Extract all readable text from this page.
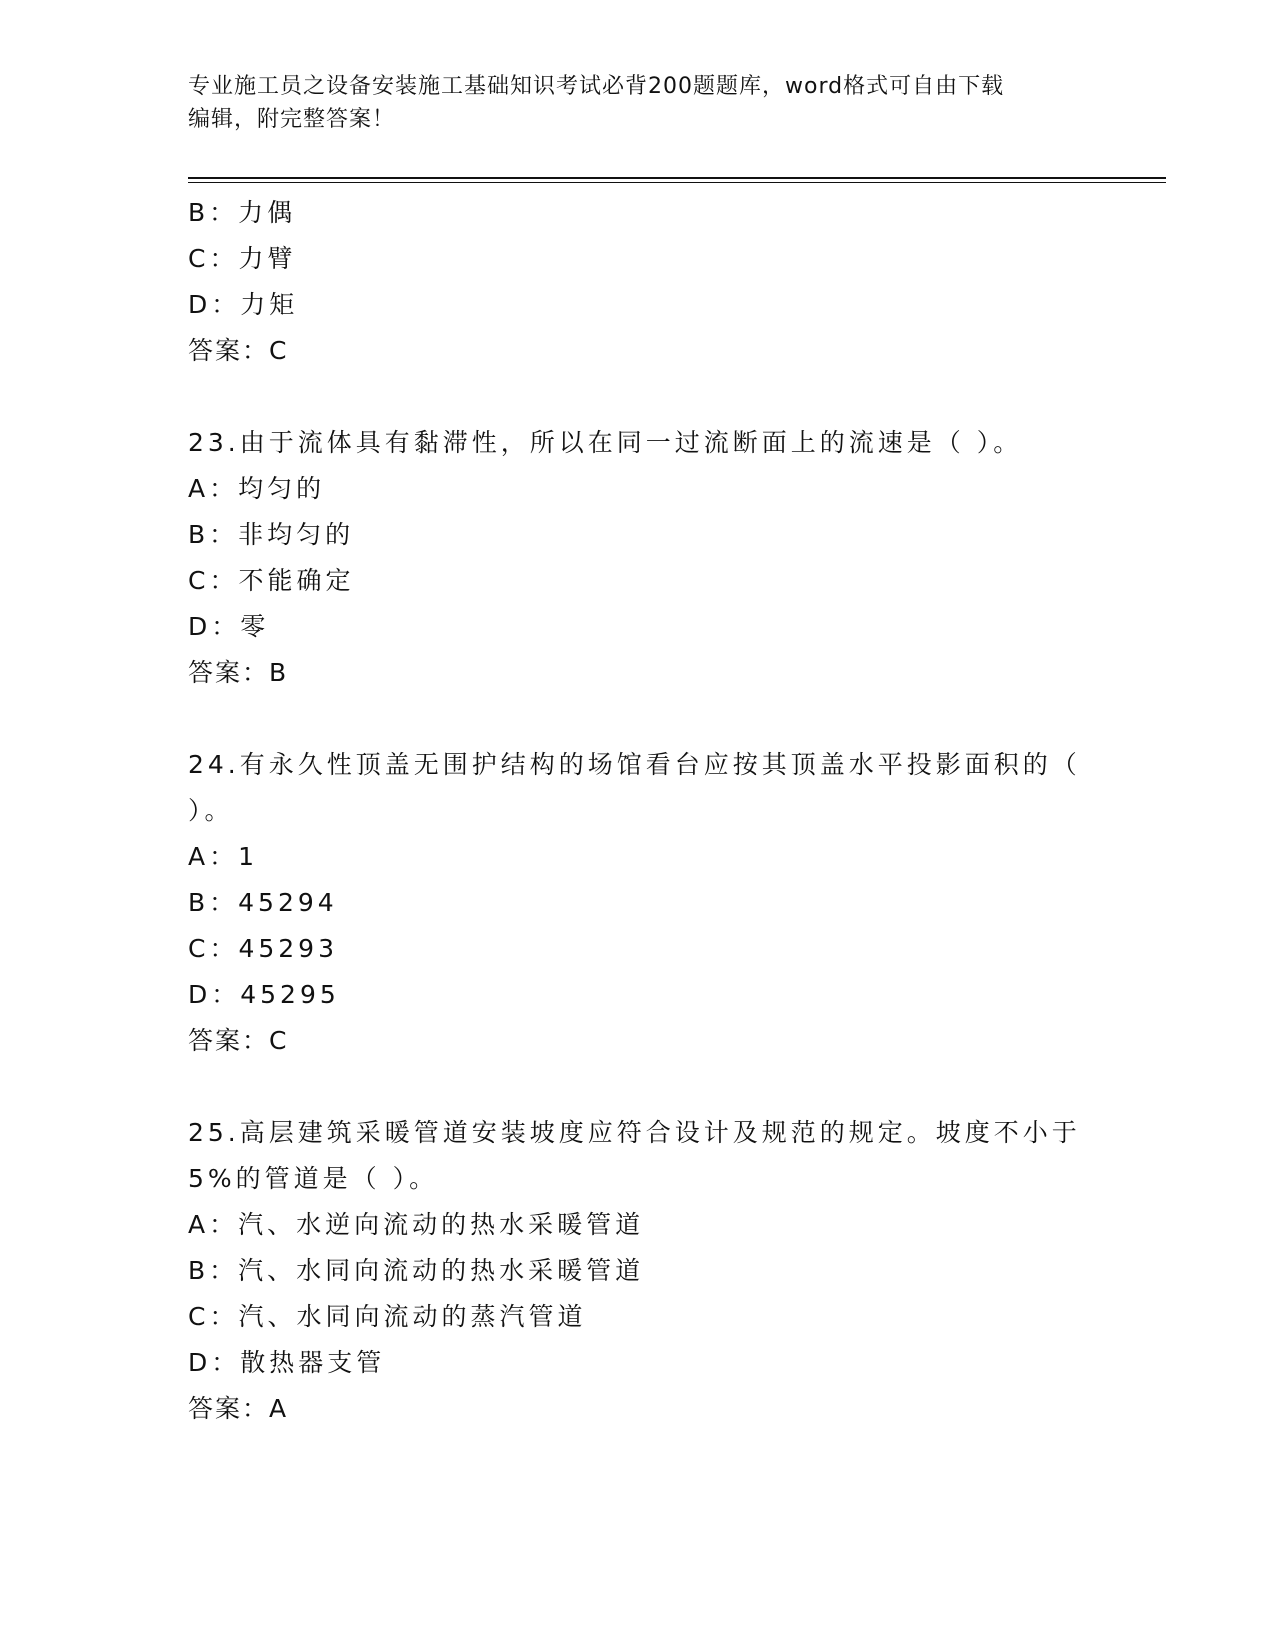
专业施工员之设备安装施工基础知识考试必背200题题库，word格式可自由下载
编辑，附完整答案！
B：力偶
C：力臂
D：力矩
答案：C
23.由于流体具有黏滞性，所以在同一过流断面上的流速是（ ）。
A：均匀的
B：非均匀的
C：不能确定
D：零
答案：B
24.有永久性顶盖无围护结构的场馆看台应按其顶盖水平投影面积的（
）。
A：1
B：45294
C：45293
D：45295
答案：C
25.高层建筑采暖管道安装坡度应符合设计及规范的规定。坡度不小于
5%的管道是（ ）。
A：汽、水逆向流动的热水采暖管道
B：汽、水同向流动的热水采暖管道
C：汽、水同向流动的蒸汽管道
D：散热器支管
答案：A
